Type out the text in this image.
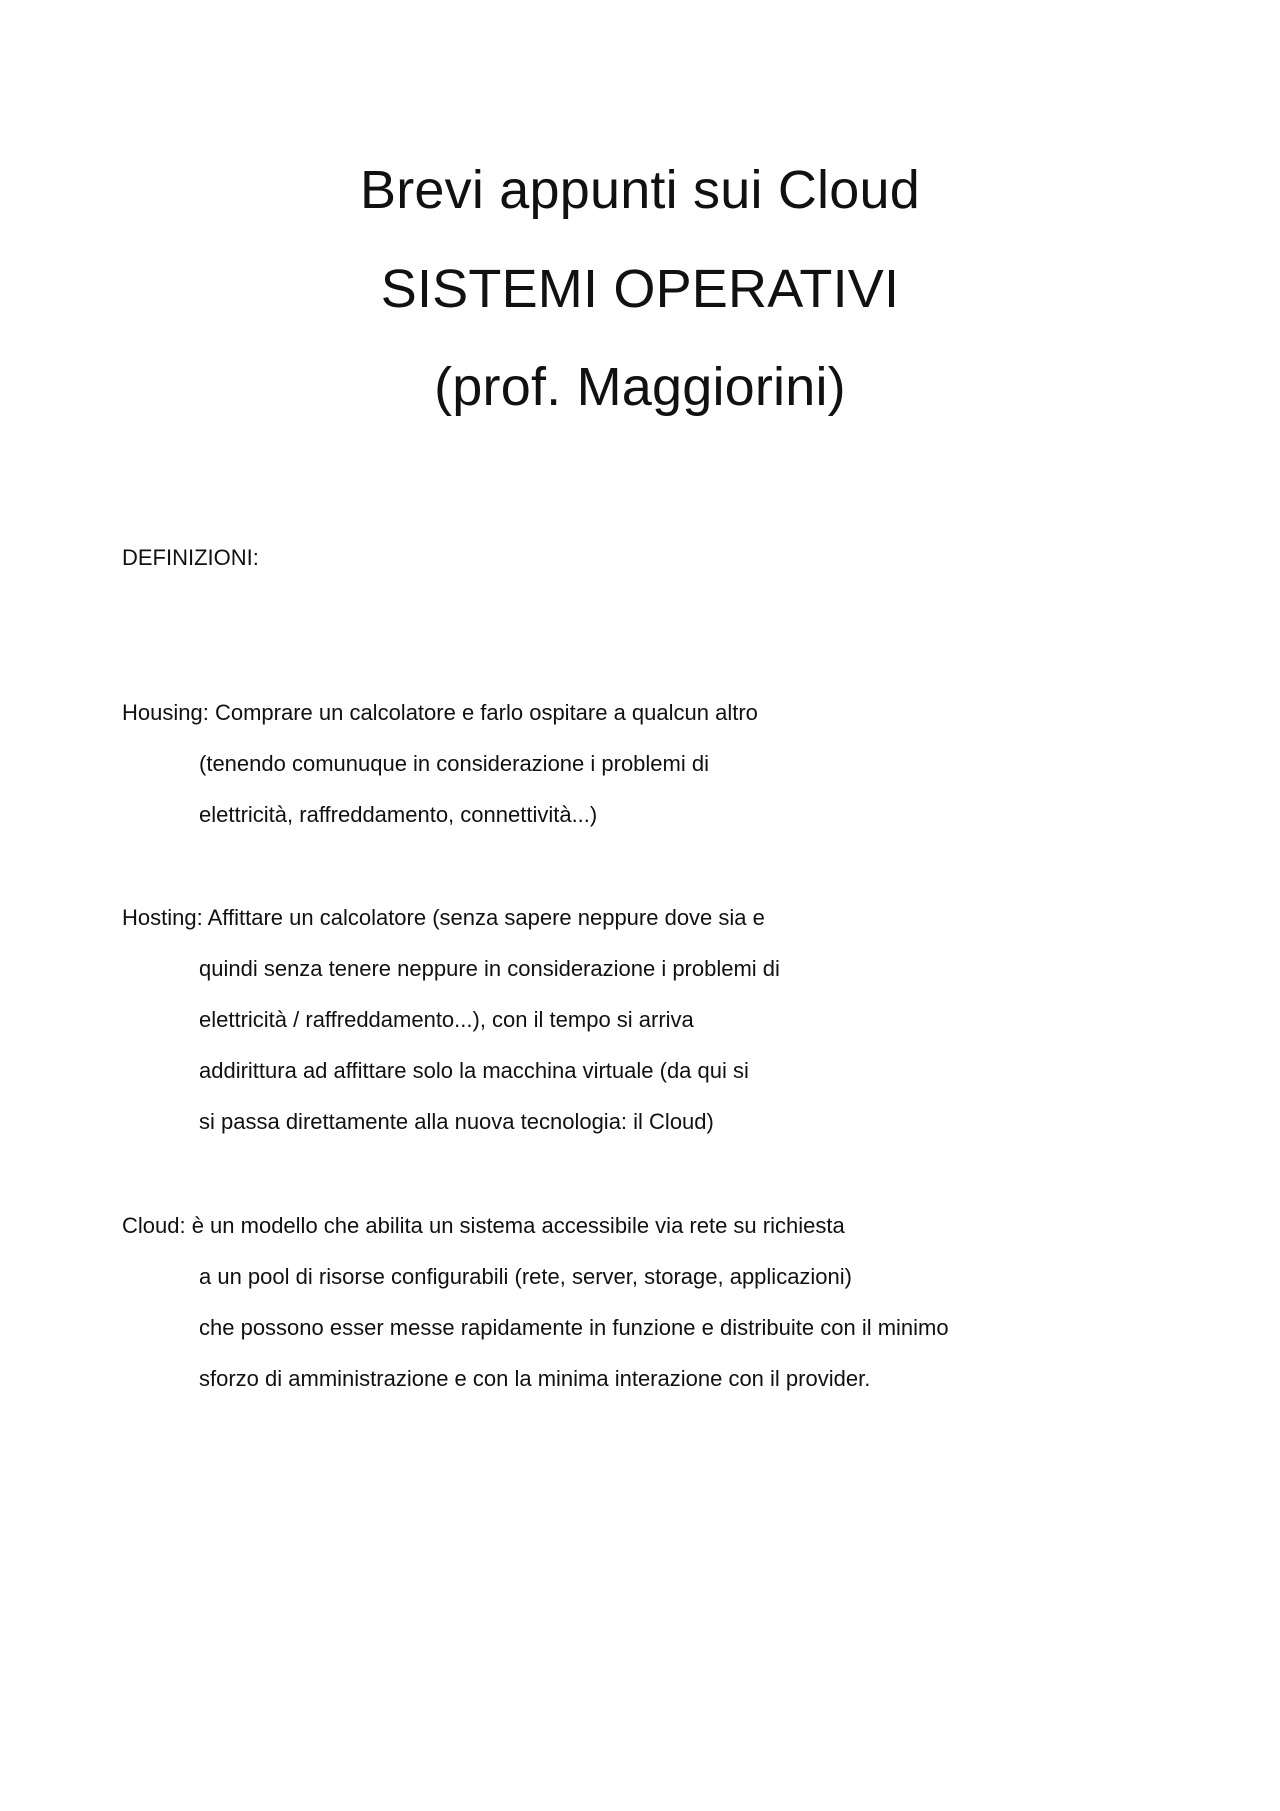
Brevi appunti sui Cloud
SISTEMI OPERATIVI
(prof. Maggiorini)
DEFINIZIONI:
Housing: Comprare un calcolatore e farlo ospitare a qualcun altro
(tenendo comunuque in considerazione i problemi di
elettricità, raffreddamento, connettività...)
Hosting: Affittare un calcolatore (senza sapere neppure dove sia e
quindi senza tenere neppure in considerazione i problemi di
elettricità / raffreddamento...), con il tempo si arriva
addirittura ad affittare solo la macchina virtuale (da qui si
si passa direttamente alla nuova tecnologia: il Cloud)
Cloud: è un modello che abilita un sistema accessibile via rete su richiesta
a un pool di risorse configurabili (rete, server, storage, applicazioni)
che possono esser messe rapidamente in funzione e distribuite con il minimo
sforzo di amministrazione e con la minima interazione con il provider.
